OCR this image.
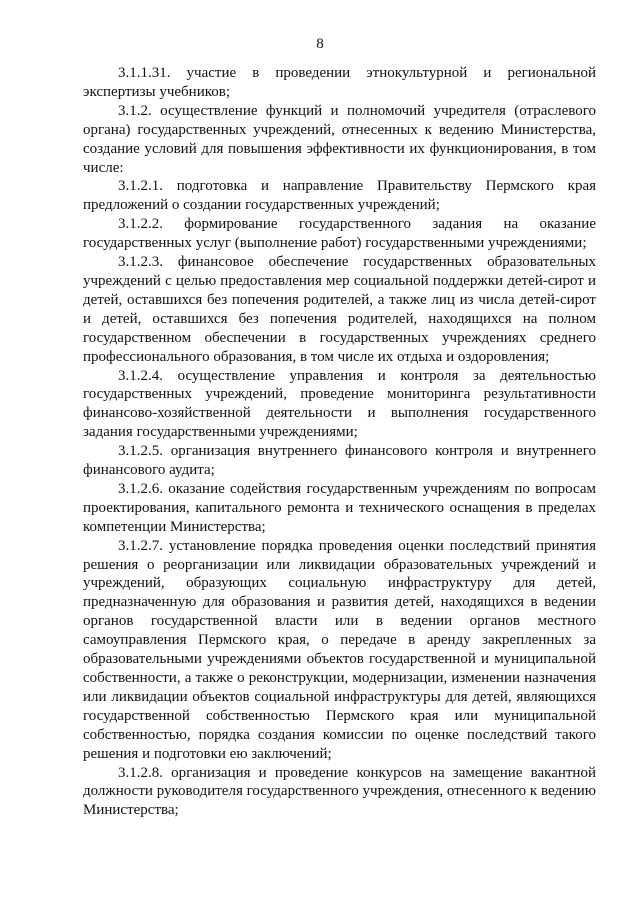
8

3.1.1.31. участие в проведении этнокультурной и региональной экспертизы учебников;

3.1.2. осуществление функций и полномочий учредителя (отраслевого органа) государственных учреждений, отнесенных к ведению Министерства, создание условий для повышения эффективности их функционирования, в том числе:

3.1.2.1. подготовка и направление Правительству Пермского края предложений о создании государственных учреждений;

3.1.2.2. формирование государственного задания на оказание государственных услуг (выполнение работ) государственными учреждениями;

3.1.2.3. финансовое обеспечение государственных образовательных учреждений с целью предоставления мер социальной поддержки детей-сирот и детей, оставшихся без попечения родителей, а также лиц из числа детей-сирот и детей, оставшихся без попечения родителей, находящихся на полном государственном обеспечении в государственных учреждениях среднего профессионального образования, в том числе их отдыха и оздоровления;

3.1.2.4. осуществление управления и контроля за деятельностью государственных учреждений, проведение мониторинга результативности финансово-хозяйственной деятельности и выполнения государственного задания государственными учреждениями;

3.1.2.5. организация внутреннего финансового контроля и внутреннего финансового аудита;

3.1.2.6. оказание содействия государственным учреждениям по вопросам проектирования, капитального ремонта и технического оснащения в пределах компетенции Министерства;

3.1.2.7. установление порядка проведения оценки последствий принятия решения о реорганизации или ликвидации образовательных учреждений и учреждений, образующих социальную инфраструктуру для детей, предназначенную для образования и развития детей, находящихся в ведении органов государственной власти или в ведении органов местного самоуправления Пермского края, о передаче в аренду закрепленных за образовательными учреждениями объектов государственной и муниципальной собственности, а также о реконструкции, модернизации, изменении назначения или ликвидации объектов социальной инфраструктуры для детей, являющихся государственной собственностью Пермского края или муниципальной собственностью, порядка создания комиссии по оценке последствий такого решения и подготовки ею заключений;

3.1.2.8. организация и проведение конкурсов на замещение вакантной должности руководителя государственного учреждения, отнесенного к ведению Министерства;
